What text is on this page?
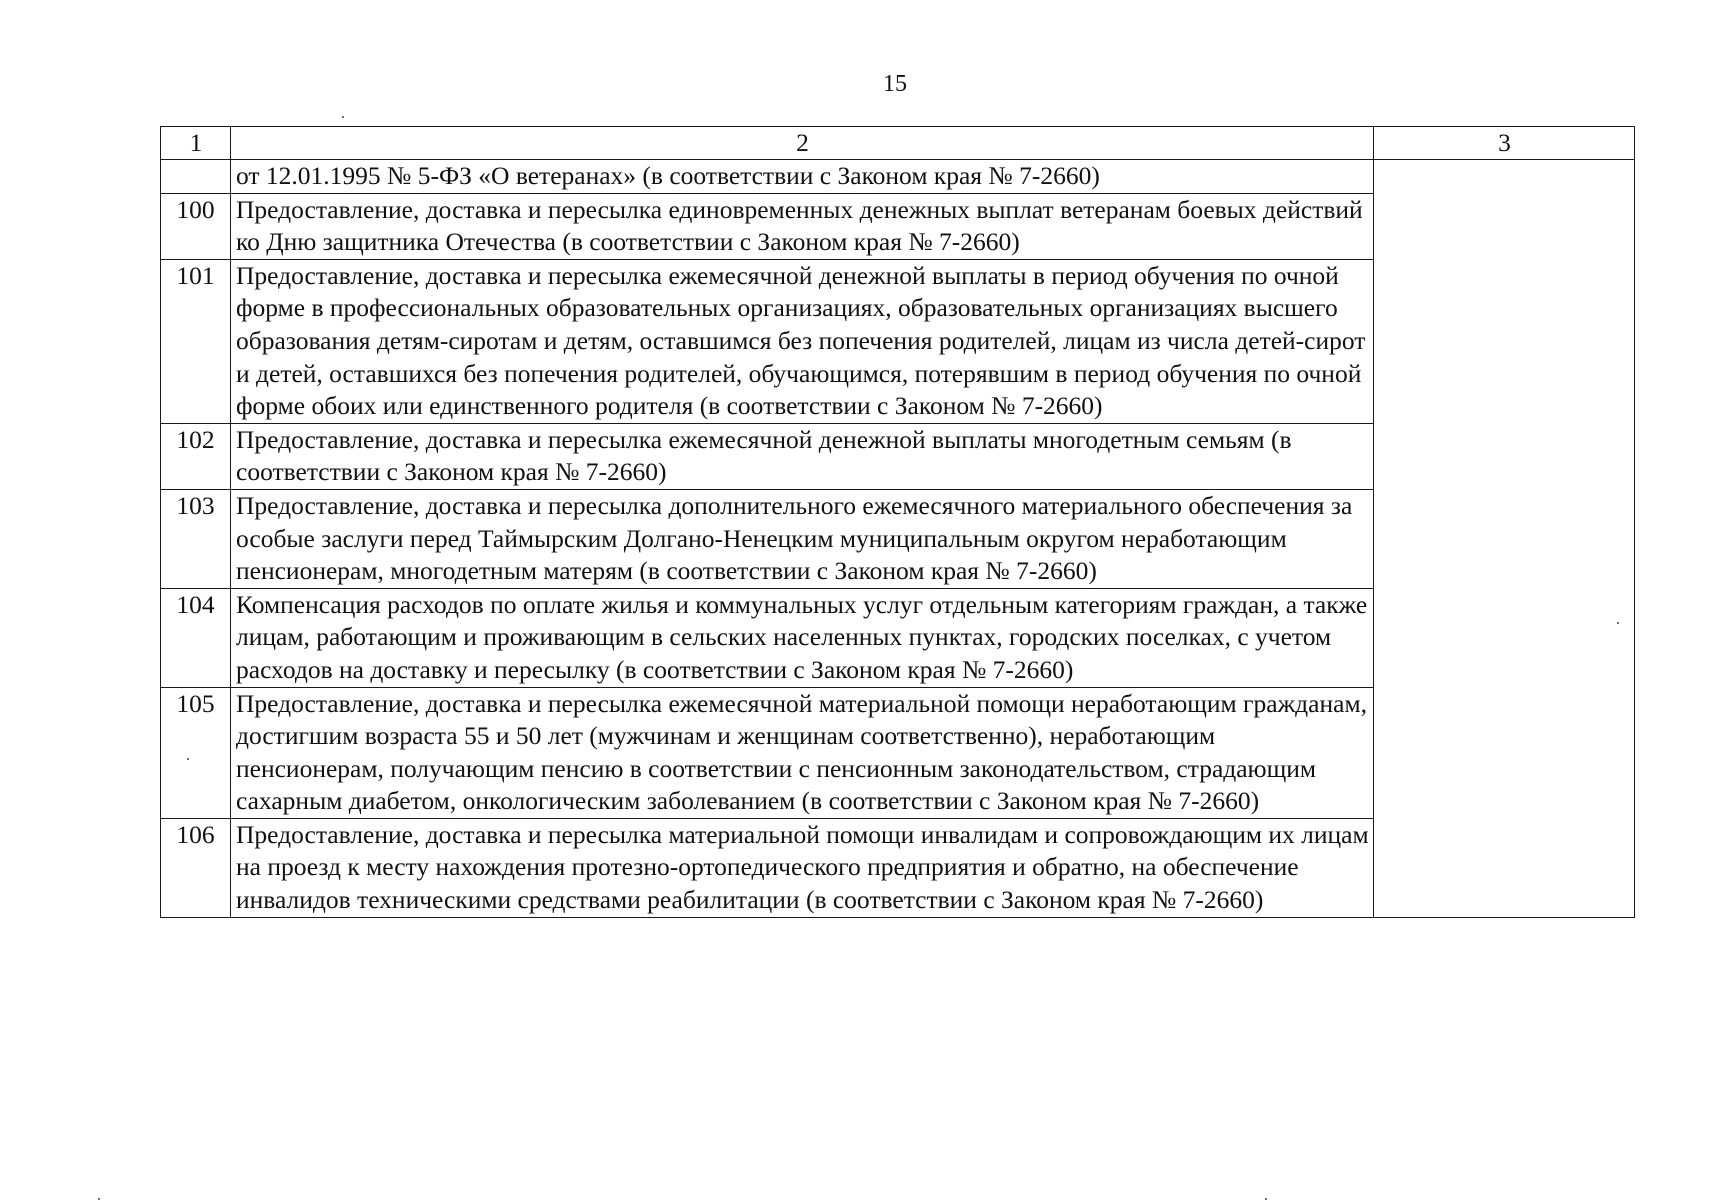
15
1	2	3
	от 12.01.1995 № 5-ФЗ «О ветеранах» (в соответствии с Законом края № 7-2660)	
100	Предоставление, доставка и пересылка единовременных денежных выплат ветеранам боевых действий ко Дню защитника Отечества (в соответствии с Законом края № 7-2660)	
101	Предоставление, доставка и пересылка ежемесячной денежной выплаты в период обучения по очной форме в профессиональных образовательных организациях, образовательных организациях высшего образования детям-сиротам и детям, оставшимся без попечения родителей, лицам из числа детей-сирот и детей, оставшихся без попечения родителей, обучающимся, потерявшим в период обучения по очной форме обоих или единственного родителя (в соответствии с Законом № 7-2660)	
102	Предоставление, доставка и пересылка ежемесячной денежной выплаты многодетным семьям (в соответствии с Законом края № 7-2660)	
103	Предоставление, доставка и пересылка дополнительного ежемесячного материального обеспечения за особые заслуги перед Таймырским Долгано-Ненецким муниципальным округом неработающим пенсионерам, многодетным матерям (в соответствии с Законом края № 7-2660)	
104	Компенсация расходов по оплате жилья и коммунальных услуг отдельным категориям граждан, а также лицам, работающим и проживающим в сельских населенных пунктах, городских поселках, с учетом расходов на доставку и пересылку (в соответствии с Законом края № 7-2660)	
105	Предоставление, доставка и пересылка ежемесячной материальной помощи неработающим гражданам, достигшим возраста 55 и 50 лет (мужчинам и женщинам соответственно), неработающим пенсионерам, получающим пенсию в соответствии с пенсионным законодательством, страдающим сахарным диабетом, онкологическим заболеванием (в соответствии с Законом края № 7-2660)	
106	Предоставление, доставка и пересылка материальной помощи инвалидам и сопровождающим их лицам на проезд к месту нахождения протезно-ортопедического предприятия и обратно, на обеспечение инвалидов техническими средствами реабилитации (в соответствии с Законом края № 7-2660)	
